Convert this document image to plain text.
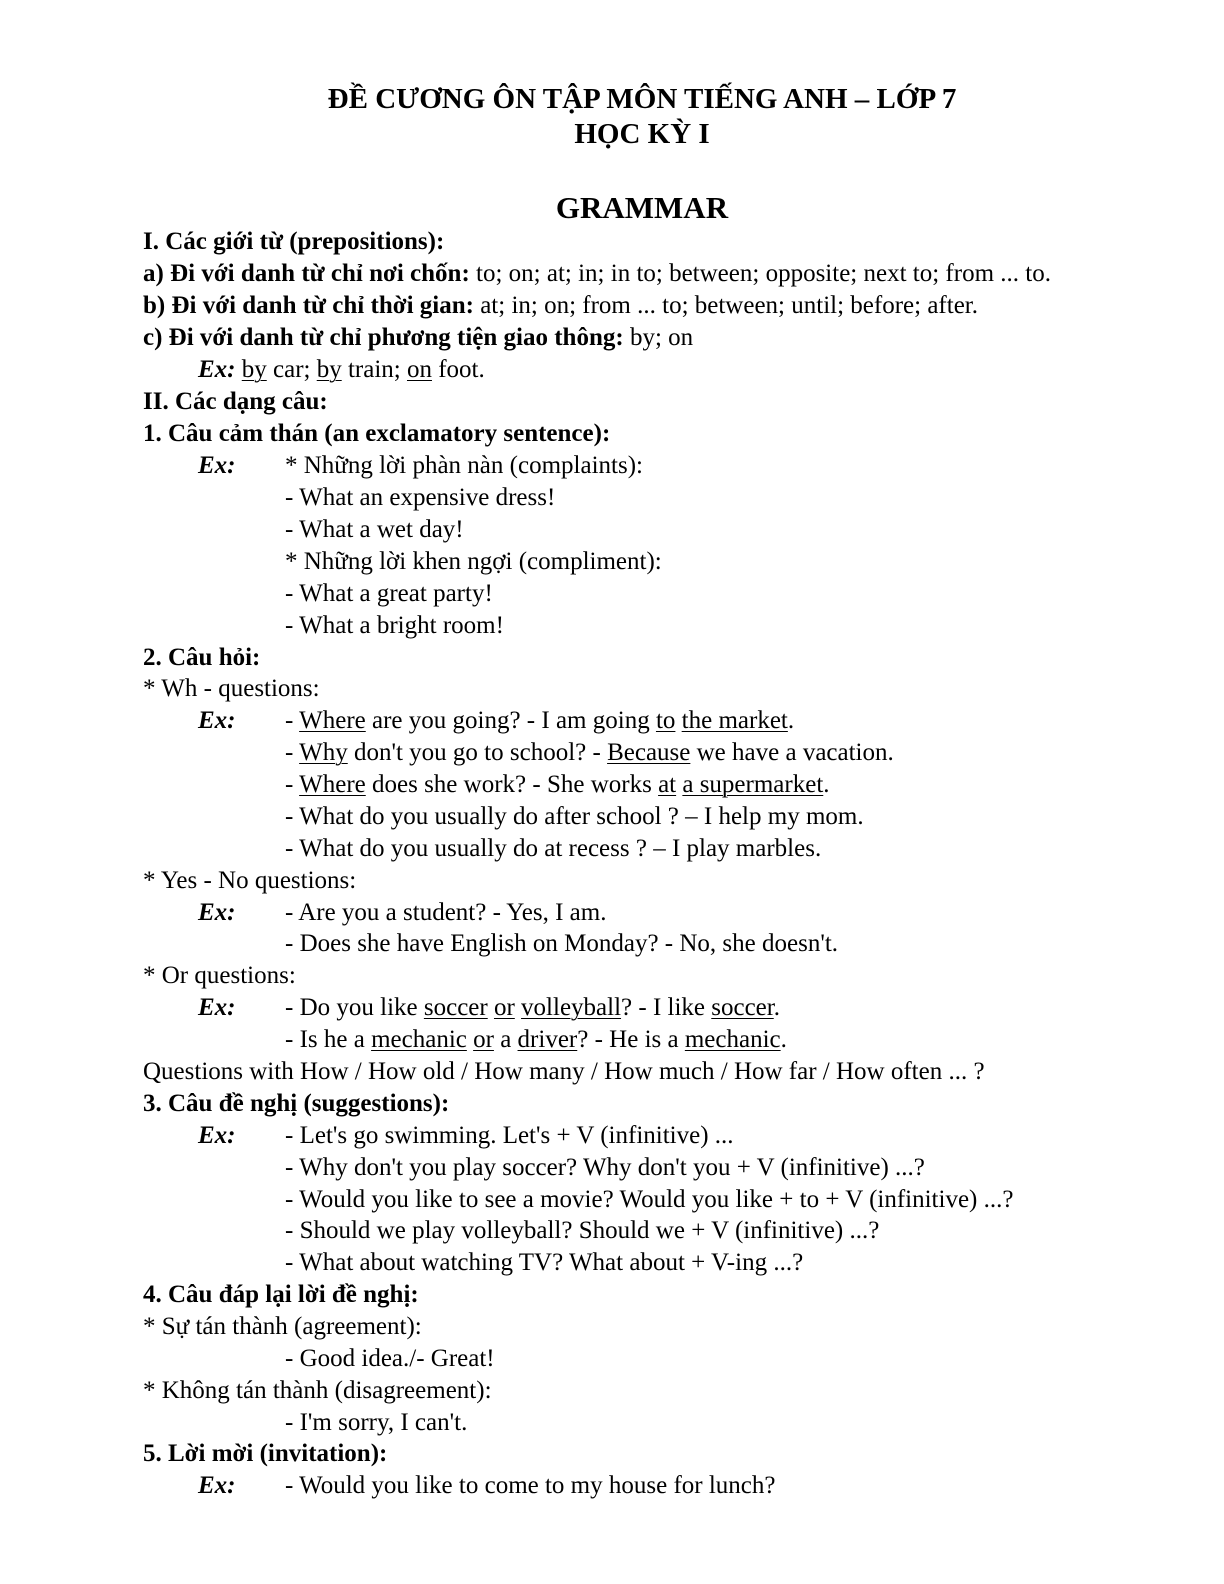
ĐỀ CƯƠNG ÔN TẬP MÔN TIẾNG ANH – LỚP 7
HỌC KỲ I
GRAMMAR
I. Các giới từ (prepositions):
a) Đi với danh từ chỉ nơi chốn: to; on; at; in; in to; between; opposite; next to; from ... to.
b) Đi với danh từ chỉ thời gian: at; in; on; from ... to; between; until; before; after.
c) Đi với danh từ chỉ phương tiện giao thông: by; on
Ex: by car; by train; on foot.
II. Các dạng câu:
1. Câu cảm thán (an exclamatory sentence):
Ex: * Những lời phàn nàn (complaints):
- What an expensive dress!
- What a wet day!
* Những lời khen ngợi (compliment):
- What a great party!
- What a bright room!
2. Câu hỏi:
* Wh - questions:
Ex: - Where are you going? - I am going to the market.
- Why don't you go to school? - Because we have a vacation.
- Where does she work? - She works at a supermarket.
- What do you usually do after school ? – I help my mom.
- What do you usually do at recess ? – I play marbles.
* Yes - No questions:
Ex: - Are you a student? - Yes, I am.
- Does she have English on Monday? - No, she doesn't.
* Or questions:
Ex: - Do you like soccer or volleyball? - I like soccer.
- Is he a mechanic or a driver? - He is a mechanic.
Questions with How / How old / How many / How much / How far / How often ... ?
3. Câu đề nghị (suggestions):
Ex: - Let's go swimming. Let's + V (infinitive) ...
- Why don't you play soccer? Why don't you + V (infinitive) ...?
- Would you like to see a movie? Would you like + to + V (infinitive) ...?
- Should we play volleyball? Should we + V (infinitive) ...?
- What about watching TV? What about + V-ing ...?
4. Câu đáp lại lời đề nghị:
* Sự tán thành (agreement):
- Good idea./- Great!
* Không tán thành (disagreement):
- I'm sorry, I can't.
5. Lời mời (invitation):
Ex: - Would you like to come to my house for lunch?
